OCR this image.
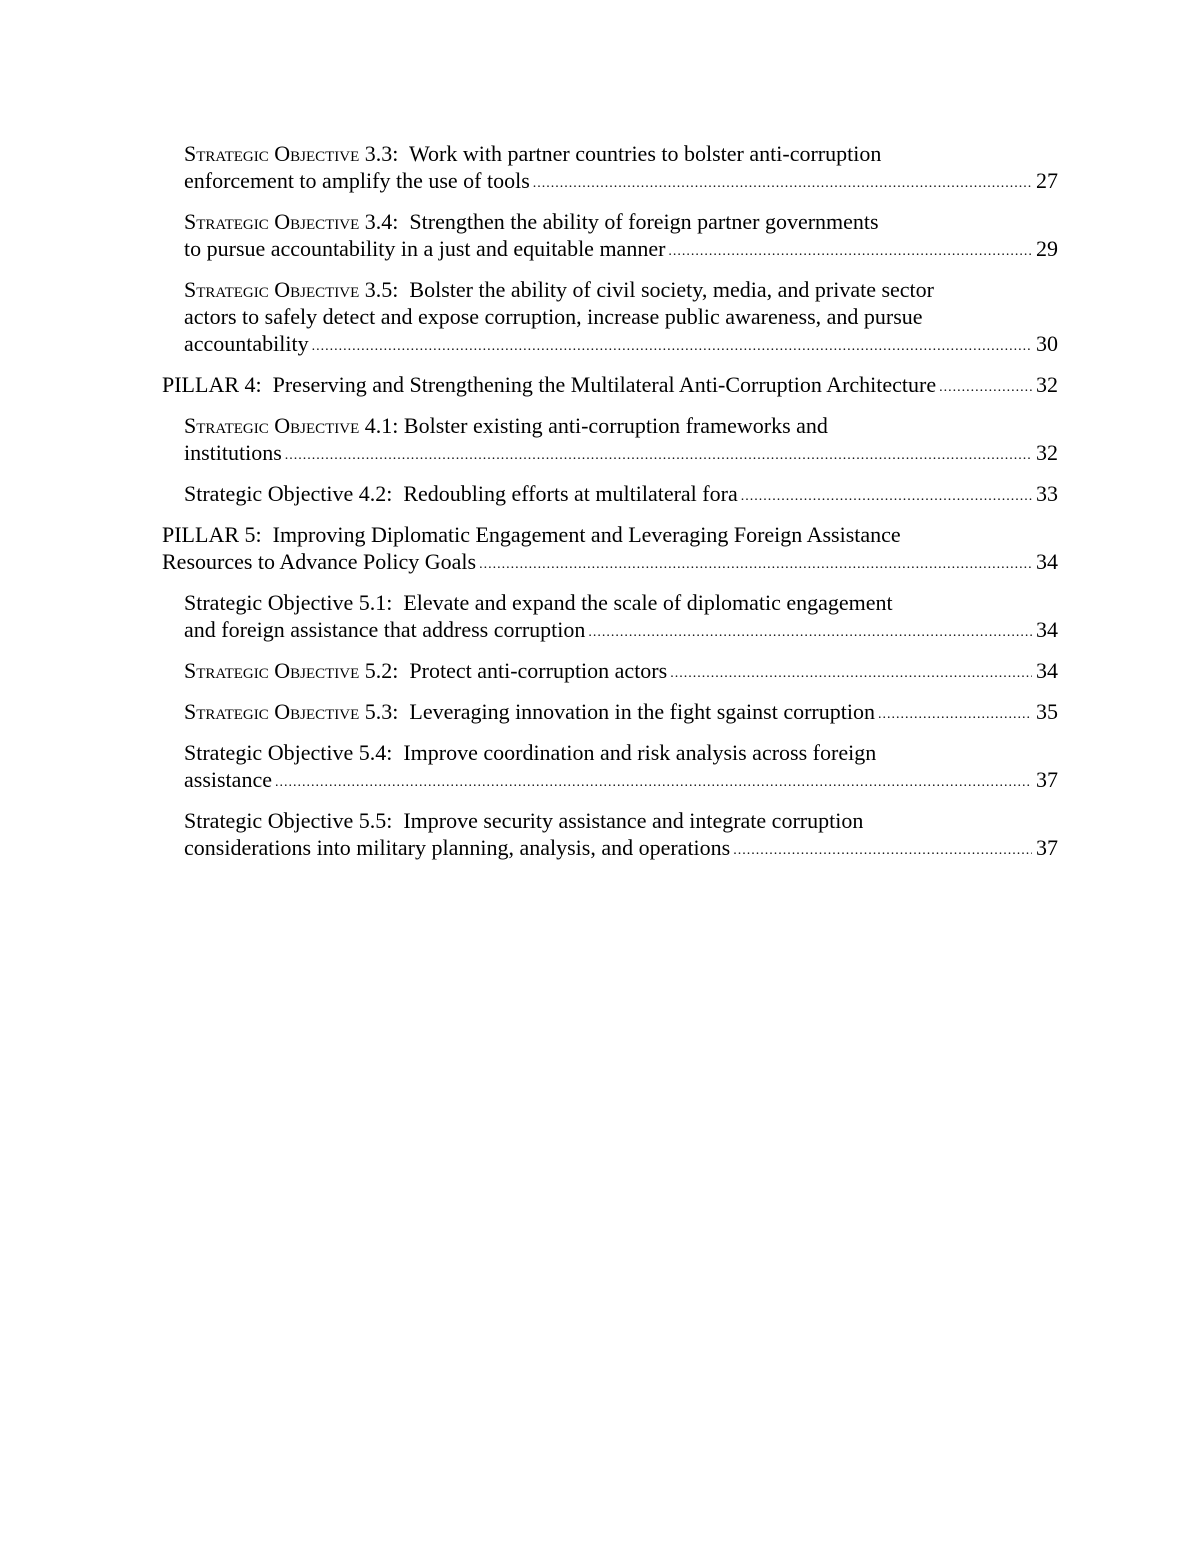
Strategic Objective 3.3:  Work with partner countries to bolster anti-corruption
enforcement to amplify the use of tools .....	27
Strategic Objective 3.4:  Strengthen the ability of foreign partner governments
to pursue accountability in a just and equitable manner .....	29
Strategic Objective 3.5:  Bolster the ability of civil society, media, and private sector
actors to safely detect and expose corruption, increase public awareness, and pursue
accountability .....	30
PILLAR 4:  Preserving and Strengthening the Multilateral Anti-Corruption Architecture .....	32
Strategic Objective 4.1: Bolster existing anti-corruption frameworks and
institutions .....	32
Strategic Objective 4.2:  Redoubling efforts at multilateral fora .....	33
PILLAR 5:  Improving Diplomatic Engagement and Leveraging Foreign Assistance
Resources to Advance Policy Goals .....	34
Strategic Objective 5.1:  Elevate and expand the scale of diplomatic engagement
and foreign assistance that address corruption .....	34
Strategic Objective 5.2:  Protect anti-corruption actors .....	34
Strategic Objective 5.3:  Leveraging innovation in the fight sgainst corruption .....	35
Strategic Objective 5.4:  Improve coordination and risk analysis across foreign
assistance .....	37
Strategic Objective 5.5:  Improve security assistance and integrate corruption
considerations into military planning, analysis, and operations .....	37
